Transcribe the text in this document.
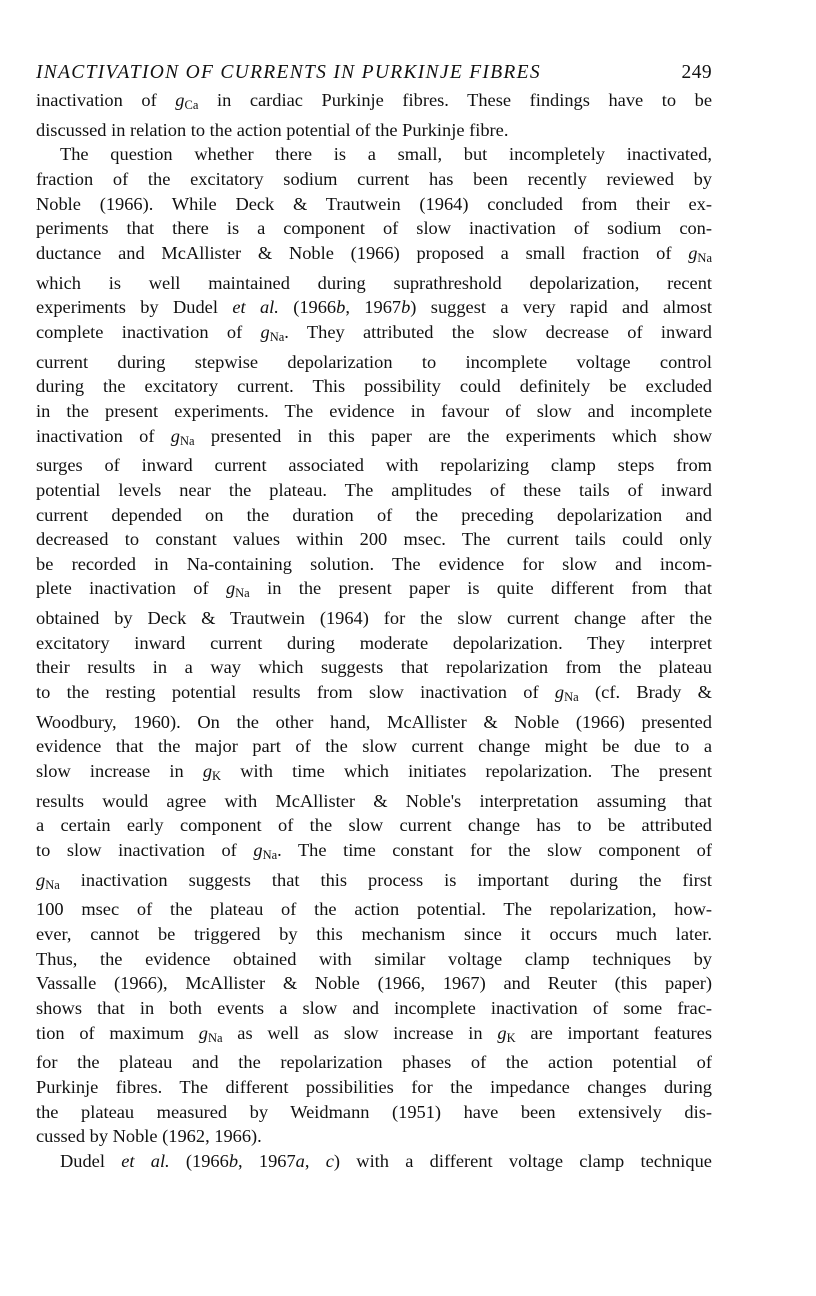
INACTIVATION OF CURRENTS IN PURKINJE FIBRES	249
inactivation of $g_{Ca}$ in cardiac Purkinje fibres. These findings have to be
discussed in relation to the action potential of the Purkinje fibre.
The question whether there is a small, but incompletely inactivated,
fraction of the excitatory sodium current has been recently reviewed by
Noble (1966). While Deck & Trautwein (1964) concluded from their ex-
periments that there is a component of slow inactivation of sodium con-
ductance and McAllister & Noble (1966) proposed a small fraction of $g_{Na}$
which is well maintained during suprathreshold depolarization, recent
experiments by Dudel et al. (1966b, 1967b) suggest a very rapid and almost
complete inactivation of $g_{Na}$. They attributed the slow decrease of inward
current during stepwise depolarization to incomplete voltage control
during the excitatory current. This possibility could definitely be excluded
in the present experiments. The evidence in favour of slow and incomplete
inactivation of $g_{Na}$ presented in this paper are the experiments which show
surges of inward current associated with repolarizing clamp steps from
potential levels near the plateau. The amplitudes of these tails of inward
current depended on the duration of the preceding depolarization and
decreased to constant values within 200 msec. The current tails could only
be recorded in Na-containing solution. The evidence for slow and incom-
plete inactivation of $g_{Na}$ in the present paper is quite different from that
obtained by Deck & Trautwein (1964) for the slow current change after the
excitatory inward current during moderate depolarization. They interpret
their results in a way which suggests that repolarization from the plateau
to the resting potential results from slow inactivation of $g_{Na}$ (cf. Brady &
Woodbury, 1960). On the other hand, McAllister & Noble (1966) presented
evidence that the major part of the slow current change might be due to a
slow increase in $g_K$ with time which initiates repolarization. The present
results would agree with McAllister & Noble's interpretation assuming that
a certain early component of the slow current change has to be attributed
to slow inactivation of $g_{Na}$. The time constant for the slow component of
$g_{Na}$ inactivation suggests that this process is important during the first
100 msec of the plateau of the action potential. The repolarization, how-
ever, cannot be triggered by this mechanism since it occurs much later.
Thus, the evidence obtained with similar voltage clamp techniques by
Vassalle (1966), McAllister & Noble (1966, 1967) and Reuter (this paper)
shows that in both events a slow and incomplete inactivation of some frac-
tion of maximum $g_{Na}$ as well as slow increase in $g_K$ are important features
for the plateau and the repolarization phases of the action potential of
Purkinje fibres. The different possibilities for the impedance changes during
the plateau measured by Weidmann (1951) have been extensively dis-
cussed by Noble (1962, 1966).
Dudel et al. (1966b, 1967a, c) with a different voltage clamp technique
